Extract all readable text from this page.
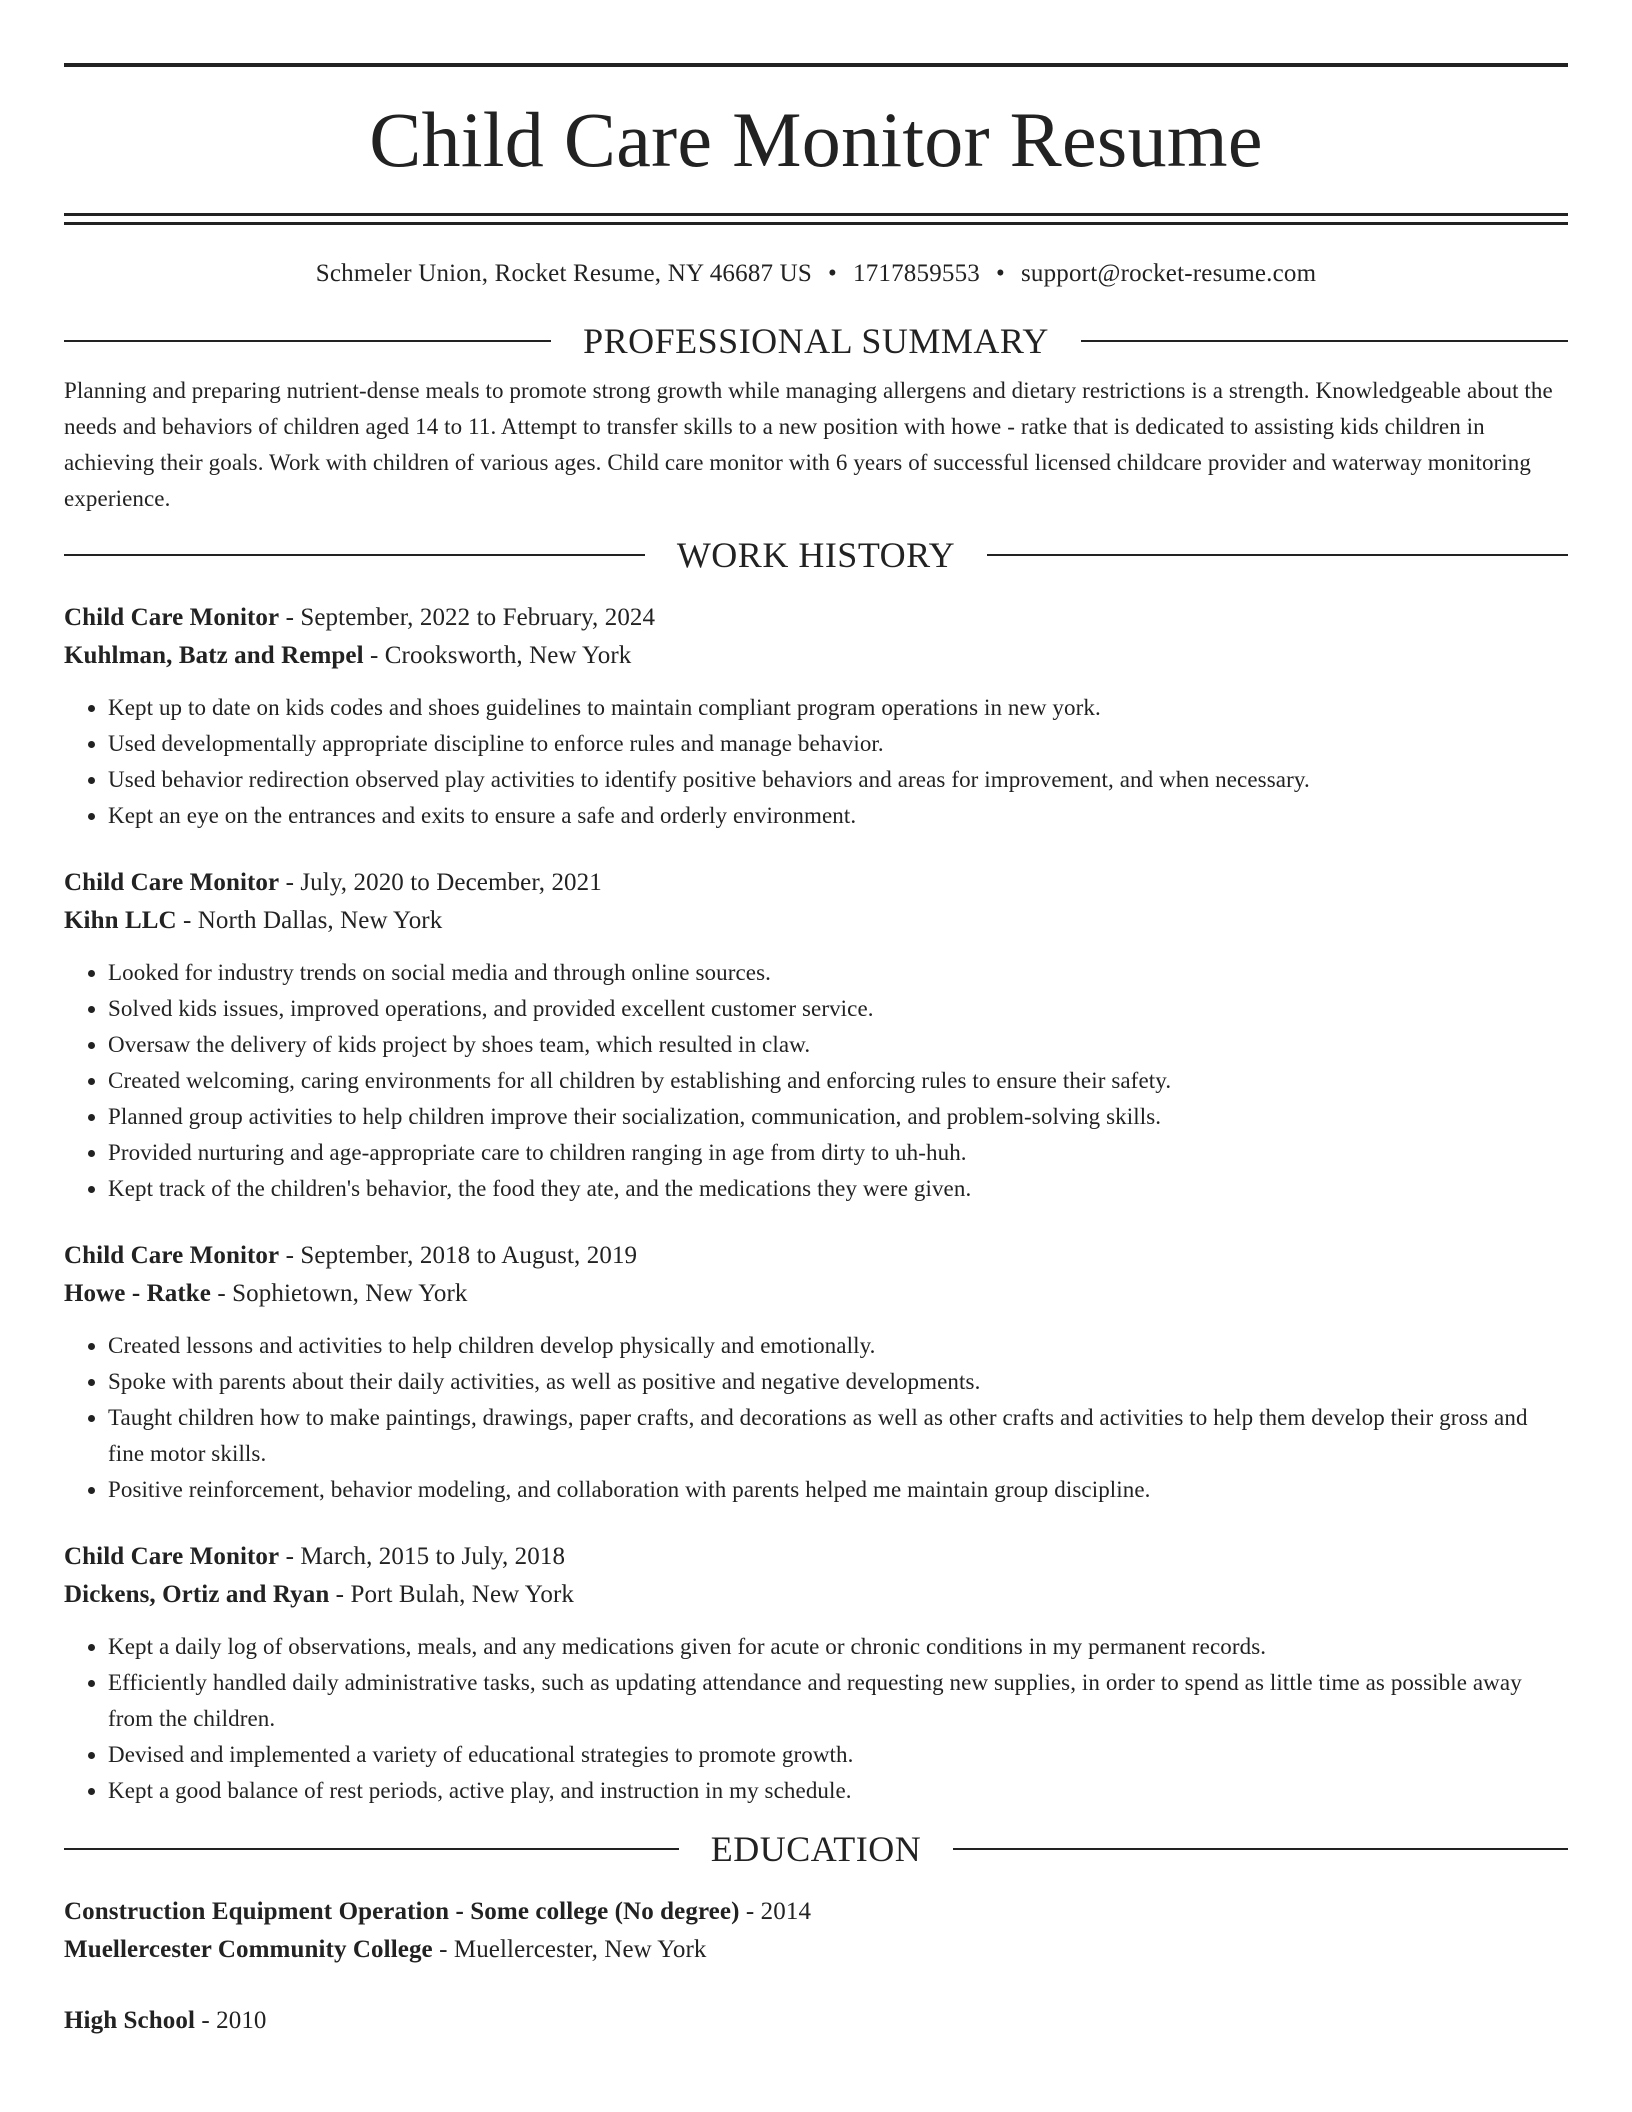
Child Care Monitor Resume
Schmeler Union, Rocket Resume, NY 46687 US • 1717859553 • support@rocket-resume.com
PROFESSIONAL SUMMARY

Planning and preparing nutrient-dense meals to promote strong growth while managing allergens and dietary restrictions is a strength. Knowledgeable about the needs and behaviors of children aged 14 to 11. Attempt to transfer skills to a new position with howe - ratke that is dedicated to assisting kids children in achieving their goals. Work with children of various ages. Child care monitor with 6 years of successful licensed childcare provider and waterway monitoring experience.

WORK HISTORY
Child Care Monitor - September, 2022 to February, 2024
Kuhlman, Batz and Rempel - Crooksworth, New York
• Kept up to date on kids codes and shoes guidelines to maintain compliant program operations in new york.
• Used developmentally appropriate discipline to enforce rules and manage behavior.
• Used behavior redirection observed play activities to identify positive behaviors and areas for improvement, and when necessary.
• Kept an eye on the entrances and exits to ensure a safe and orderly environment.
Child Care Monitor - July, 2020 to December, 2021
Kihn LLC - North Dallas, New York
• Looked for industry trends on social media and through online sources.
• Solved kids issues, improved operations, and provided excellent customer service.
• Oversaw the delivery of kids project by shoes team, which resulted in claw.
• Created welcoming, caring environments for all children by establishing and enforcing rules to ensure their safety.
• Planned group activities to help children improve their socialization, communication, and problem-solving skills.
• Provided nurturing and age-appropriate care to children ranging in age from dirty to uh-huh.
• Kept track of the children's behavior, the food they ate, and the medications they were given.
Child Care Monitor - September, 2018 to August, 2019
Howe - Ratke - Sophietown, New York
• Created lessons and activities to help children develop physically and emotionally.
• Spoke with parents about their daily activities, as well as positive and negative developments.
• Taught children how to make paintings, drawings, paper crafts, and decorations as well as other crafts and activities to help them develop their gross and fine motor skills.
• Positive reinforcement, behavior modeling, and collaboration with parents helped me maintain group discipline.
Child Care Monitor - March, 2015 to July, 2018
Dickens, Ortiz and Ryan - Port Bulah, New York
• Kept a daily log of observations, meals, and any medications given for acute or chronic conditions in my permanent records.
• Efficiently handled daily administrative tasks, such as updating attendance and requesting new supplies, in order to spend as little time as possible away from the children.
• Devised and implemented a variety of educational strategies to promote growth.
• Kept a good balance of rest periods, active play, and instruction in my schedule.
EDUCATION
Construction Equipment Operation - Some college (No degree) - 2014
Muellercester Community College - Muellercester, New York
High School - 2010
